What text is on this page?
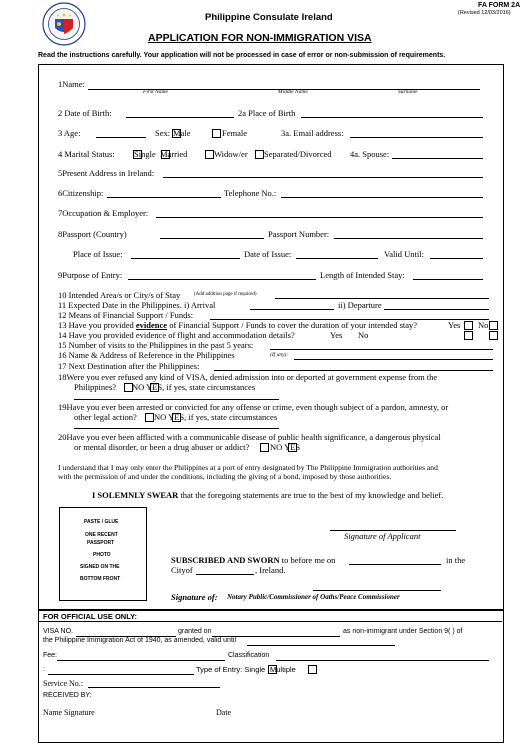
Philippine Consulate Ireland
FA FORM 2A
(Revised 12/03/2016)
APPLICATION FOR NON-IMMIGRATION VISA
Read the instructions carefully. Your application will not be processed in case of error or non-submission of requirements.
1Name:
First Name	Middle Name	Surname
2 Date of Birth:	2a Place of Birth
3 Age:	Sex: Male	Female	3a. Email address:
4 Marital Status: Single Married	Widow/er Separated/Divorced 4a. Spouse:
5Present Address in Ireland:
6Citizenship:	Telephone No.:
7Occupation & Employer:
8Passport (Country)	Passport Number:
Place of Issue:	Date of Issue:	Valid Until:
9Purpose of Entry:	Length of Intended Stay:
10 Intended Area/s or City/s of Stay	(Add addition page if required)
11 Expected Date in the Philippines. i) Arrival	ii) Departure
12 Means of Financial Support / Funds:
13 Have you provided evidence of Financial Support / Funds to cover the duration of your intended stay?	Yes No
14 Have you provided evidence of flight and accommodation details?	Yes No
15 Number of visits to the Philippines in the past 5 years:
16 Name & Address of Reference in the Philippines	(If any):
17 Next Destination after the Philippines:
18Were you ever refused any kind of VISA, denied admission into or deported at government expense from the
Philippines? NO YES, if yes, state circumstances
19Have you ever been arrested or convicted for any offense or crime, even though subject of a pardon, amnesty, or
other legal action? NO YES, if yes, state circumstances
20Have you ever been afflicted with a communicable disease of public health significance, a dangerous physical
or mental disorder, or been a drug abuser or addict? NO YES
I understand that I may only enter the Philippines at a port of entry designated by The Philippine Immigration authorities and
with the permission of and under the conditions, including the giving of a bond, imposed by those authorities.
I SOLEMNLY SWEAR that the foregoing statements are true to the best of my knowledge and belief.
PASTE / GLUE
ONE RECENT
PASSPORT
PHOTO
SIGNED ON THE
BOTTOM FRONT
Signature of Applicant
SUBSCRIBED AND SWORN to before me on	in the
Cityof	, Ireland.
Signature of: Notary Public/Commissioner of Oaths/Peace Commissioner
FOR OFFICIAL USE ONLY:
VISA NO.	granted on	as non-immigrant under Section 9( ) of
the Philippine Immigration Act of 1940, as amended, valid until
Fee:	Classification
:	Type of Entry: Single Multiple
Service No.:
RECEIVED BY:
Name Signature	Date
